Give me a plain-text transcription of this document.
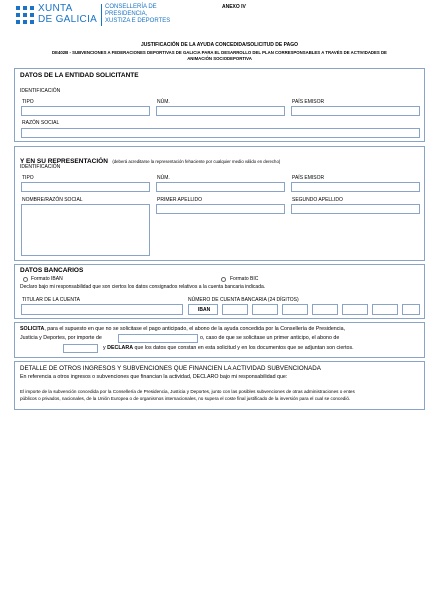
XUNTA
DE GALICIA
CONSELLERÍA DE
PRESIDENCIA,
XUSTIZA E DEPORTES
ANEXO IV
JUSTIFICACIÓN DE LA AYUDA CONCEDIDA/SOLICITUD DE PAGO
DE402B - SUBVENCIONES A FEDERACIONES DEPORTIVAS DE GALICIA PARA EL DESARROLLO DEL PLAN CORRESPONSABLES A TRAVÉS DE ACTIVIDADES DE
ANIMACIÓN SOCIODEPORTIVA
DATOS DE LA ENTIDAD SOLICITANTE
IDENTIFICACIÓN
TIPO	NÚM.	PAÍS EMISOR
RAZÓN SOCIAL
Y EN SU REPRESENTACIÓN (deberá acreditarse la representación fehaciente por cualquier medio válido en derecho)
IDENTIFICACIÓN
TIPO	NÚM.	PAÍS EMISOR
NOMBRE/RAZÓN SOCIAL	PRIMER APELLIDO	SEGUNDO APELLIDO
DATOS BANCARIOS
Formato IBAN	Formato BIC
Declaro bajo mi responsabilidad que son ciertos los datos consignados relativos a la cuenta bancaria indicada.
TITULAR DE LA CUENTA	NÚMERO DE CUENTA BANCARIA (24 DÍGITOS)
IBAN
SOLICITA, para el supuesto en que no se solicitase el pago anticipado, el abono de la ayuda concedida por la Consellería de Presidencia,
Justicia y Deportes, por importe de	o, caso de que se solicitase un primer anticipo, el abono de
y DECLARA que los datos que constan en esta solicitud y en los documentos que se adjuntan son ciertos.
DETALLE DE OTROS INGRESOS Y SUBVENCIONES QUE FINANCIEN LA ACTIVIDAD SUBVENCIONADA
En referencia a otros ingresos o subvenciones que financian la actividad, DECLARO bajo mi responsabilidad que:
El importe de la subvención concedida por la Consellería de Presidencia, Justicia y Deportes, junto con las posibles subvenciones de otras administraciones o entes
públicos o privados, nacionales, de la Unión Europea o de organismos internacionales, no supera el coste final justificado de la inversión para el cual se concedió.
